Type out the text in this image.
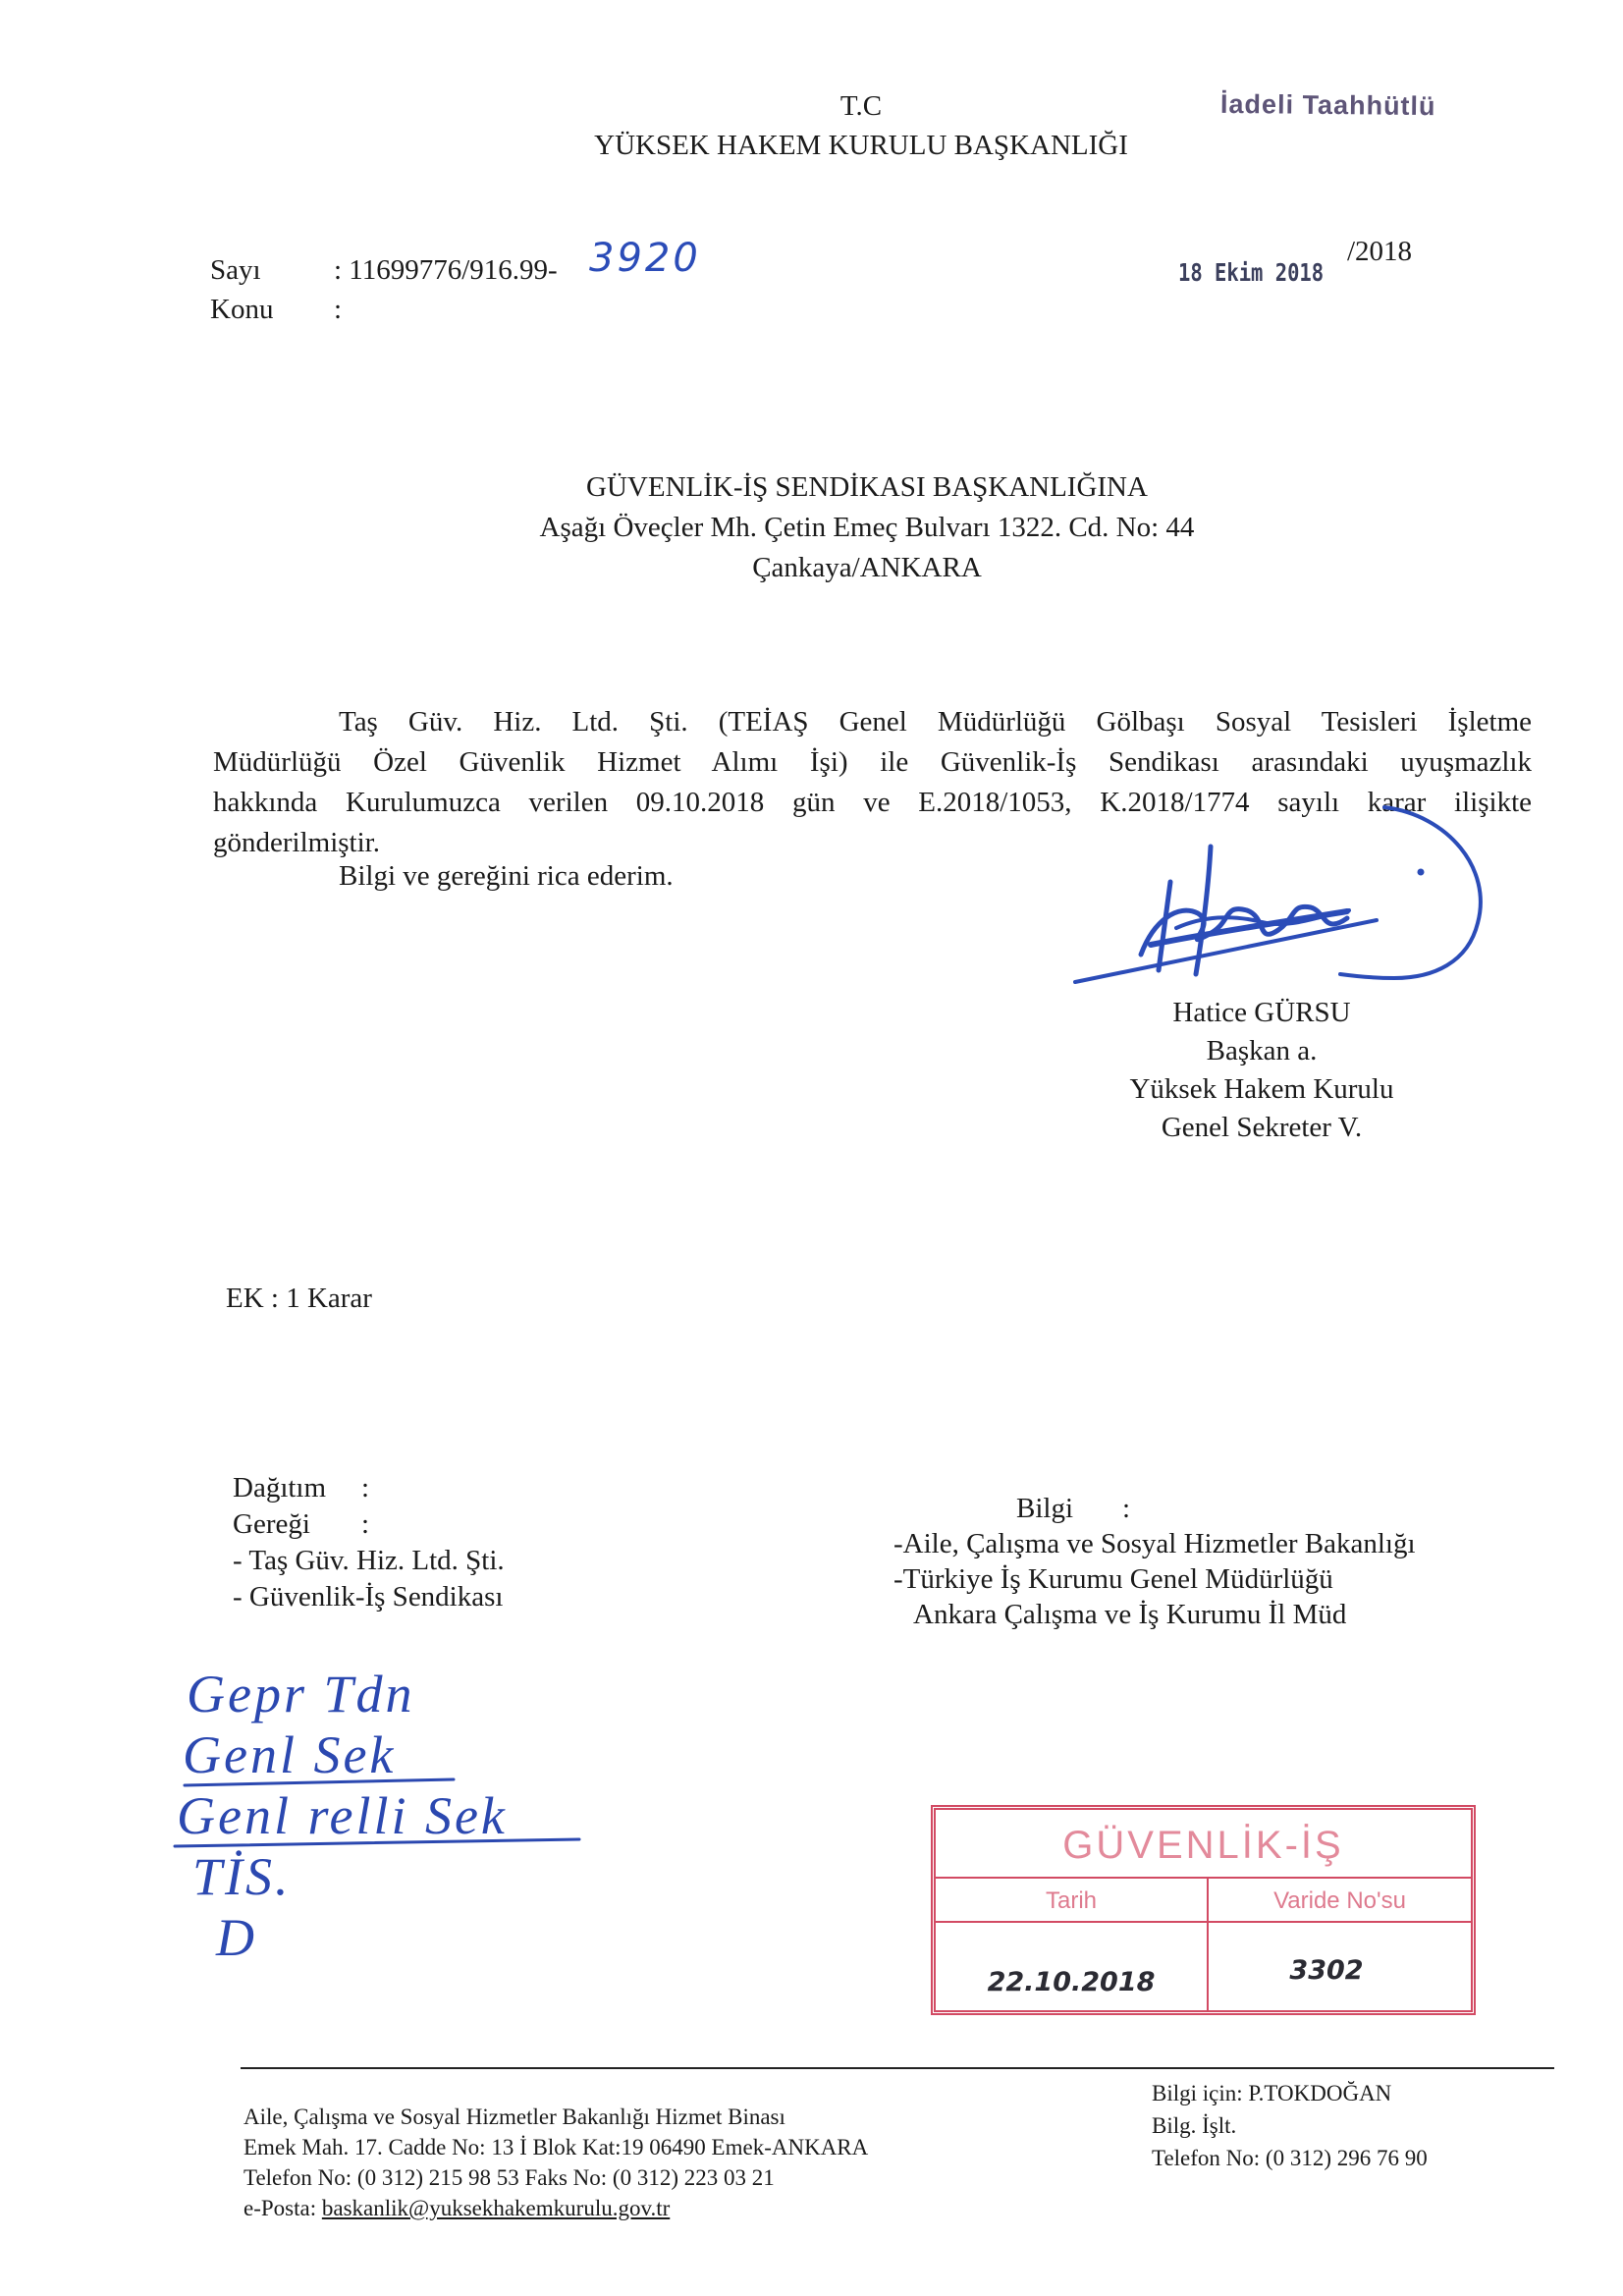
T.C
YÜKSEK HAKEM KURULU BAŞKANLIĞI
İadeli Taahhütlü
Sayı	: 11699776/916.99- 3920	18 Ekim 2018
/2018
Konu :
GÜVENLİK-İŞ SENDİKASI BAŞKANLIĞINA
Aşağı Öveçler Mh. Çetin Emeç Bulvarı 1322. Cd. No: 44
Çankaya/ANKARA
Taş Güv. Hiz. Ltd. Şti. (TEİAŞ Genel Müdürlüğü Gölbaşı Sosyal Tesisleri İşletme
Müdürlüğü Özel Güvenlik Hizmet Alımı İşi) ile Güvenlik-İş Sendikası arasındaki uyuşmazlık
hakkında Kurulumuzca verilen 09.10.2018 gün ve E.2018/1053, K.2018/1774 sayılı karar ilişikte
gönderilmiştir.
Bilgi ve gereğini rica ederim.
Hatice GÜRSU
Başkan a.
Yüksek Hakem Kurulu
Genel Sekreter V.
EK : 1 Karar
Dağıtım :
Gereği :
- Taş Güv. Hiz. Ltd. Şti.
- Güvenlik-İş Sendikası
Bilgi :
-Aile, Çalışma ve Sosyal Hizmetler Bakanlığı
-Türkiye İş Kurumu Genel Müdürlüğü
Ankara Çalışma ve İş Kurumu İl Müd
Gepr Tdn
Genl Sek
Genl relli Sek
TİS.
D
GÜVENLİK-İŞ
Tarih	Varide No'su
22.10.2018	3302
Aile, Çalışma ve Sosyal Hizmetler Bakanlığı Hizmet Binası
Emek Mah. 17. Cadde No: 13 İ Blok Kat:19 06490 Emek-ANKARA
Telefon No: (0 312) 215 98 53 Faks No: (0 312) 223 03 21
e-Posta: baskanlik@yuksekhakemkurulu.gov.tr
Bilgi için: P.TOKDOĞAN
Bilg. İşlt.
Telefon No: (0 312) 296 76 90
